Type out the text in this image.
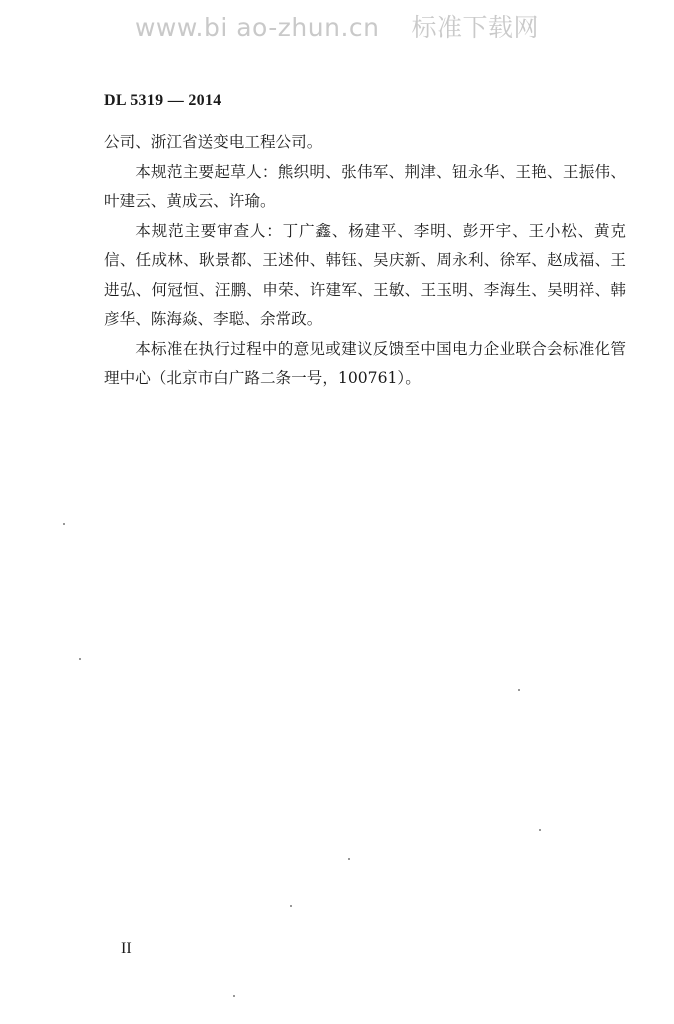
www.bi ao-zhun.cn 标准下载网
DL 5319 — 2014

公司、浙江省送变电工程公司。

本规范主要起草人：熊织明、张伟军、荆津、钮永华、王艳、王振伟、叶建云、黄成云、许瑜。

本规范主要审查人：丁广鑫、杨建平、李明、彭开宇、王小松、黄克信、任成林、耿景都、王述仲、韩钰、吴庆新、周永利、徐军、赵成福、王进弘、何冠恒、汪鹏、申荣、许建军、王敏、王玉明、李海生、吴明祥、韩彦华、陈海焱、李聪、余常政。

本标准在执行过程中的意见或建议反馈至中国电力企业联合会标准化管理中心（北京市白广路二条一号，100761）。

II
